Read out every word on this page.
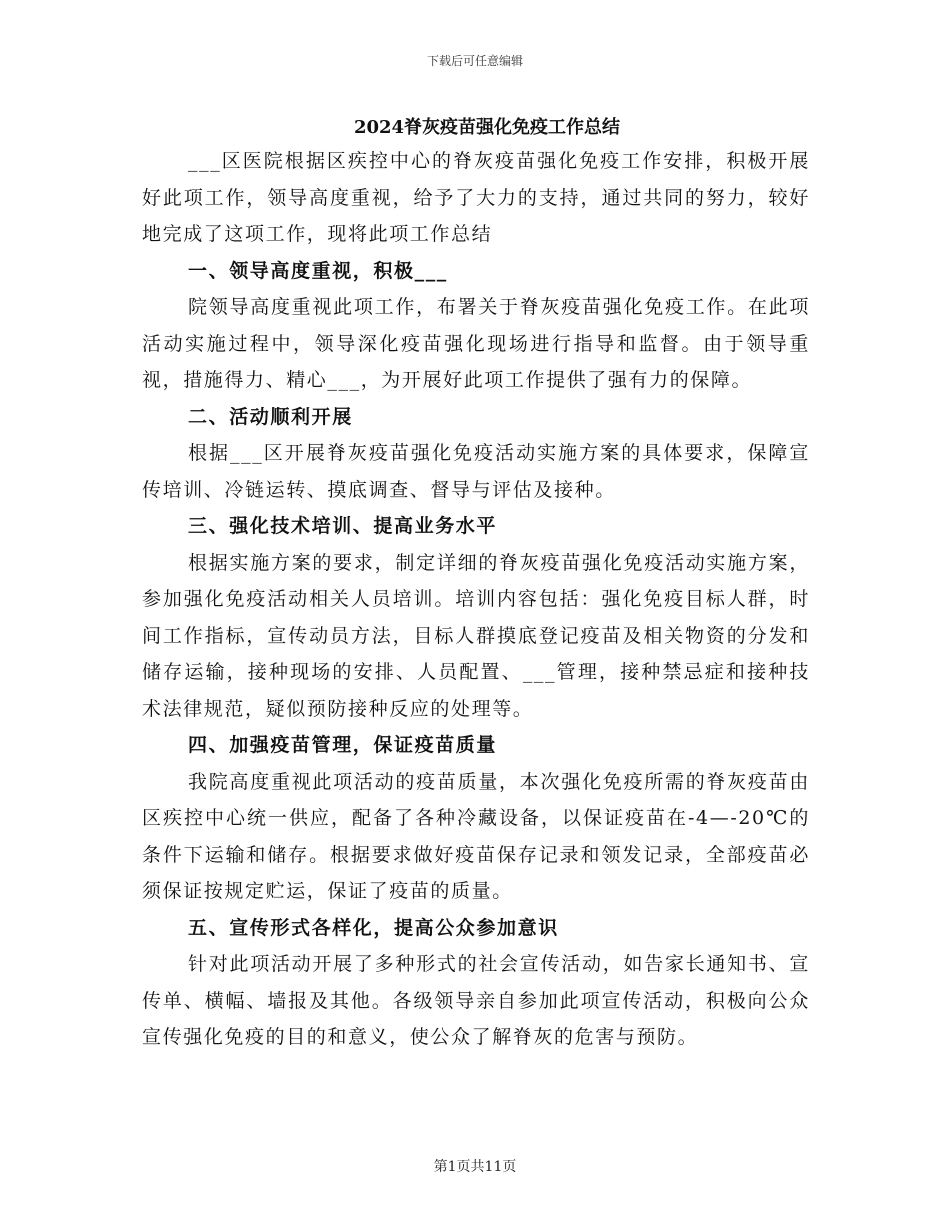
下载后可任意编辑
2024脊灰疫苗强化免疫工作总结

___区医院根据区疾控中心的脊灰疫苗强化免疫工作安排，积极开展好此项工作，领导高度重视，给予了大力的支持，通过共同的努力，较好地完成了这项工作，现将此项工作总结

一、领导高度重视，积极___

院领导高度重视此项工作，布署关于脊灰疫苗强化免疫工作。在此项活动实施过程中，领导深化疫苗强化现场进行指导和监督。由于领导重视，措施得力、精心___，为开展好此项工作提供了强有力的保障。

二、活动顺利开展

根据___区开展脊灰疫苗强化免疫活动实施方案的具体要求，保障宣传培训、冷链运转、摸底调查、督导与评估及接种。

三、强化技术培训、提高业务水平

根据实施方案的要求，制定详细的脊灰疫苗强化免疫活动实施方案，参加强化免疫活动相关人员培训。培训内容包括：强化免疫目标人群，时间工作指标，宣传动员方法，目标人群摸底登记疫苗及相关物资的分发和储存运输，接种现场的安排、人员配置、___管理，接种禁忌症和接种技术法律规范，疑似预防接种反应的处理等。

四、加强疫苗管理，保证疫苗质量

我院高度重视此项活动的疫苗质量，本次强化免疫所需的脊灰疫苗由区疾控中心统一供应，配备了各种冷藏设备，以保证疫苗在-4—-20℃的条件下运输和储存。根据要求做好疫苗保存记录和领发记录，全部疫苗必须保证按规定贮运，保证了疫苗的质量。

五、宣传形式各样化，提高公众参加意识

针对此项活动开展了多种形式的社会宣传活动，如告家长通知书、宣传单、横幅、墙报及其他。各级领导亲自参加此项宣传活动，积极向公众宣传强化免疫的目的和意义，使公众了解脊灰的危害与预防。

第1页共11页
